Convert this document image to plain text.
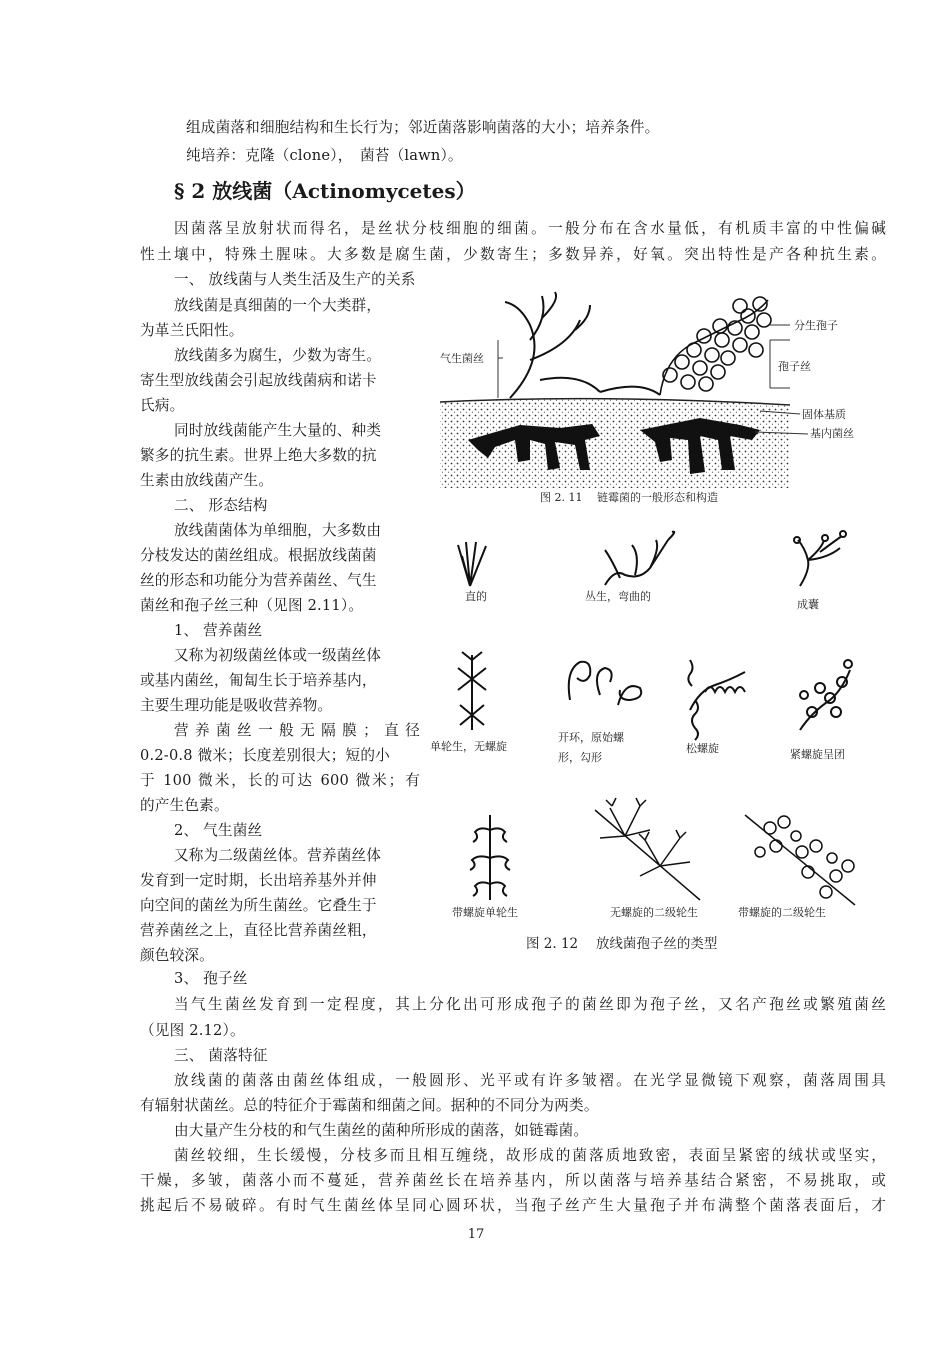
组成菌落和细胞结构和生长行为；邻近菌落影响菌落的大小；培养条件。
纯培养：克隆（clone），　菌苔（lawn）。
§ 2 放线菌（Actinomycetes）
因菌落呈放射状而得名，是丝状分枝细胞的细菌。一般分布在含水量低，有机质丰富的中性偏碱
性土壤中，特殊土腥味。大多数是腐生菌，少数寄生；多数异养，好氧。突出特性是产各种抗生素。
一、 放线菌与人类生活及生产的关系
放线菌是真细菌的一个大类群，
为革兰氏阳性。
放线菌多为腐生，少数为寄生。
寄生型放线菌会引起放线菌病和诺卡
氏病。
同时放线菌能产生大量的、种类
繁多的抗生素。世界上绝大多数的抗
生素由放线菌产生。
二、 形态结构
放线菌菌体为单细胞，大多数由
分枝发达的菌丝组成。根据放线菌菌
丝的形态和功能分为营养菌丝、气生
菌丝和孢子丝三种（见图 2.11）。
1、 营养菌丝
又称为初级菌丝体或一级菌丝体
或基内菌丝，匍匐生长于培养基内，
主要生理功能是吸收营养物。
营养菌丝一般无隔膜；直径
0.2-0.8 微米；长度差别很大；短的小
于 100 微米，长的可达 600 微米；有
的产生色素。
2、 气生菌丝
又称为二级菌丝体。营养菌丝体
发育到一定时期，长出培养基外并伸
向空间的菌丝为所生菌丝。它叠生于
营养菌丝之上，直径比营养菌丝粗，
颜色较深。
3、 孢子丝
当气生菌丝发育到一定程度，其上分化出可形成孢子的菌丝即为孢子丝，又名产孢丝或繁殖菌丝
（见图 2.12）。
三、 菌落特征
放线菌的菌落由菌丝体组成，一般圆形、光平或有许多皱褶。在光学显微镜下观察，菌落周围具
有辐射状菌丝。总的特征介于霉菌和细菌之间。据种的不同分为两类。
由大量产生分枝的和气生菌丝的菌种所形成的菌落，如链霉菌。
菌丝较细，生长缓慢，分枝多而且相互缠绕，故形成的菌落质地致密，表面呈紧密的绒状或坚实，
干燥，多皱，菌落小而不蔓延，营养菌丝长在培养基内，所以菌落与培养基结合紧密，不易挑取，或
挑起后不易破碎。有时气生菌丝体呈同心圆环状，当孢子丝产生大量孢子并布满整个菌落表面后，才
17
气生菌丝
分生孢子
孢子丝
固体基质
基内菌丝
图 2. 11　 链霉菌的一般形态和构造
直的	丛生，弯曲的
成囊
单轮生，无螺旋
开环，原始螺
形，勾形
松螺旋	紧螺旋呈团
带螺旋单轮生	无螺旋的二级轮生	带螺旋的二级轮生
图 2. 12　 放线菌孢子丝的类型
